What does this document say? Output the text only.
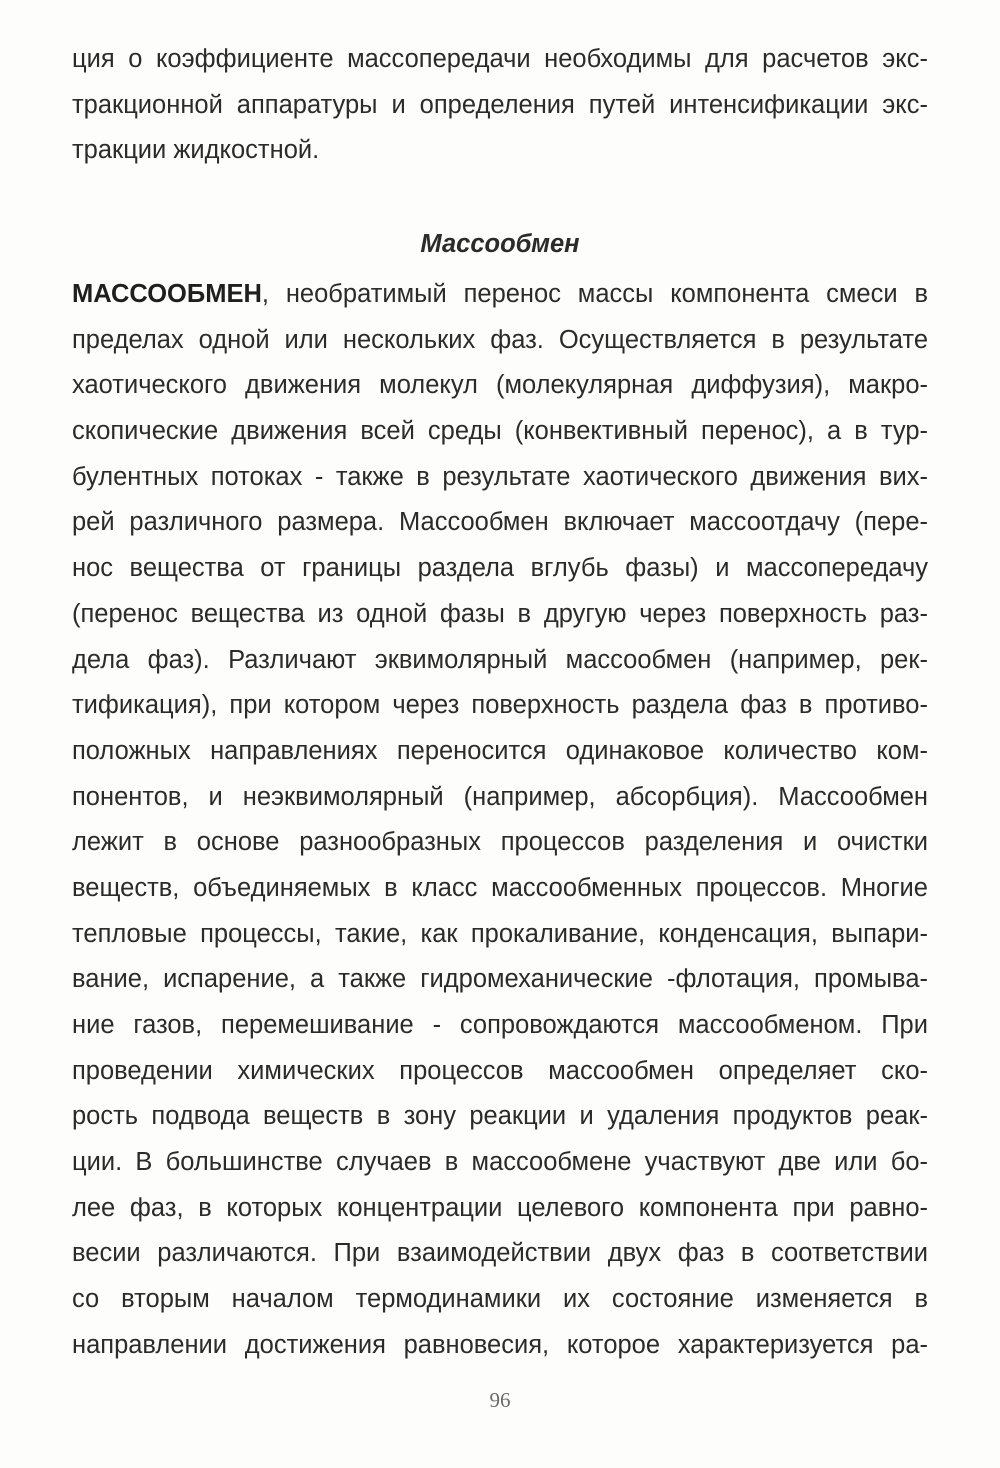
ция о коэффициенте массопередачи необходимы для расчетов экс-
тракционной аппаратуры и определения путей интенсификации экс-
тракции жидкостной.
Массообмен
МАССООБМЕН, необратимый перенос массы компонента смеси в
пределах одной или нескольких фаз. Осуществляется в результате
хаотического движения молекул (молекулярная диффузия), макро-
скопические движения всей среды (конвективный перенос), а в тур-
булентных потоках - также в результате хаотического движения вих-
рей различного размера. Массообмен включает массоотдачу (пере-
нос вещества от границы раздела вглубь фазы) и массопередачу
(перенос вещества из одной фазы в другую через поверхность раз-
дела фаз). Различают эквимолярный массообмен (например, рек-
тификация), при котором через поверхность раздела фаз в противо-
положных направлениях переносится одинаковое количество ком-
понентов, и неэквимолярный (например, абсорбция). Массообмен
лежит в основе разнообразных процессов разделения и очистки
веществ, объединяемых в класс массообменных процессов. Многие
тепловые процессы, такие, как прокаливание, конденсация, выпари-
вание, испарение, а также гидромеханические -флотация, промыва-
ние газов, перемешивание - сопровождаются массообменом. При
проведении химических процессов массообмен определяет ско-
рость подвода веществ в зону реакции и удаления продуктов реак-
ции. В большинстве случаев в массообмене участвуют две или бо-
лее фаз, в которых концентрации целевого компонента при равно-
весии различаются. При взаимодействии двух фаз в соответствии
со вторым началом термодинамики их состояние изменяется в
направлении достижения равновесия, которое характеризуется ра-
96
